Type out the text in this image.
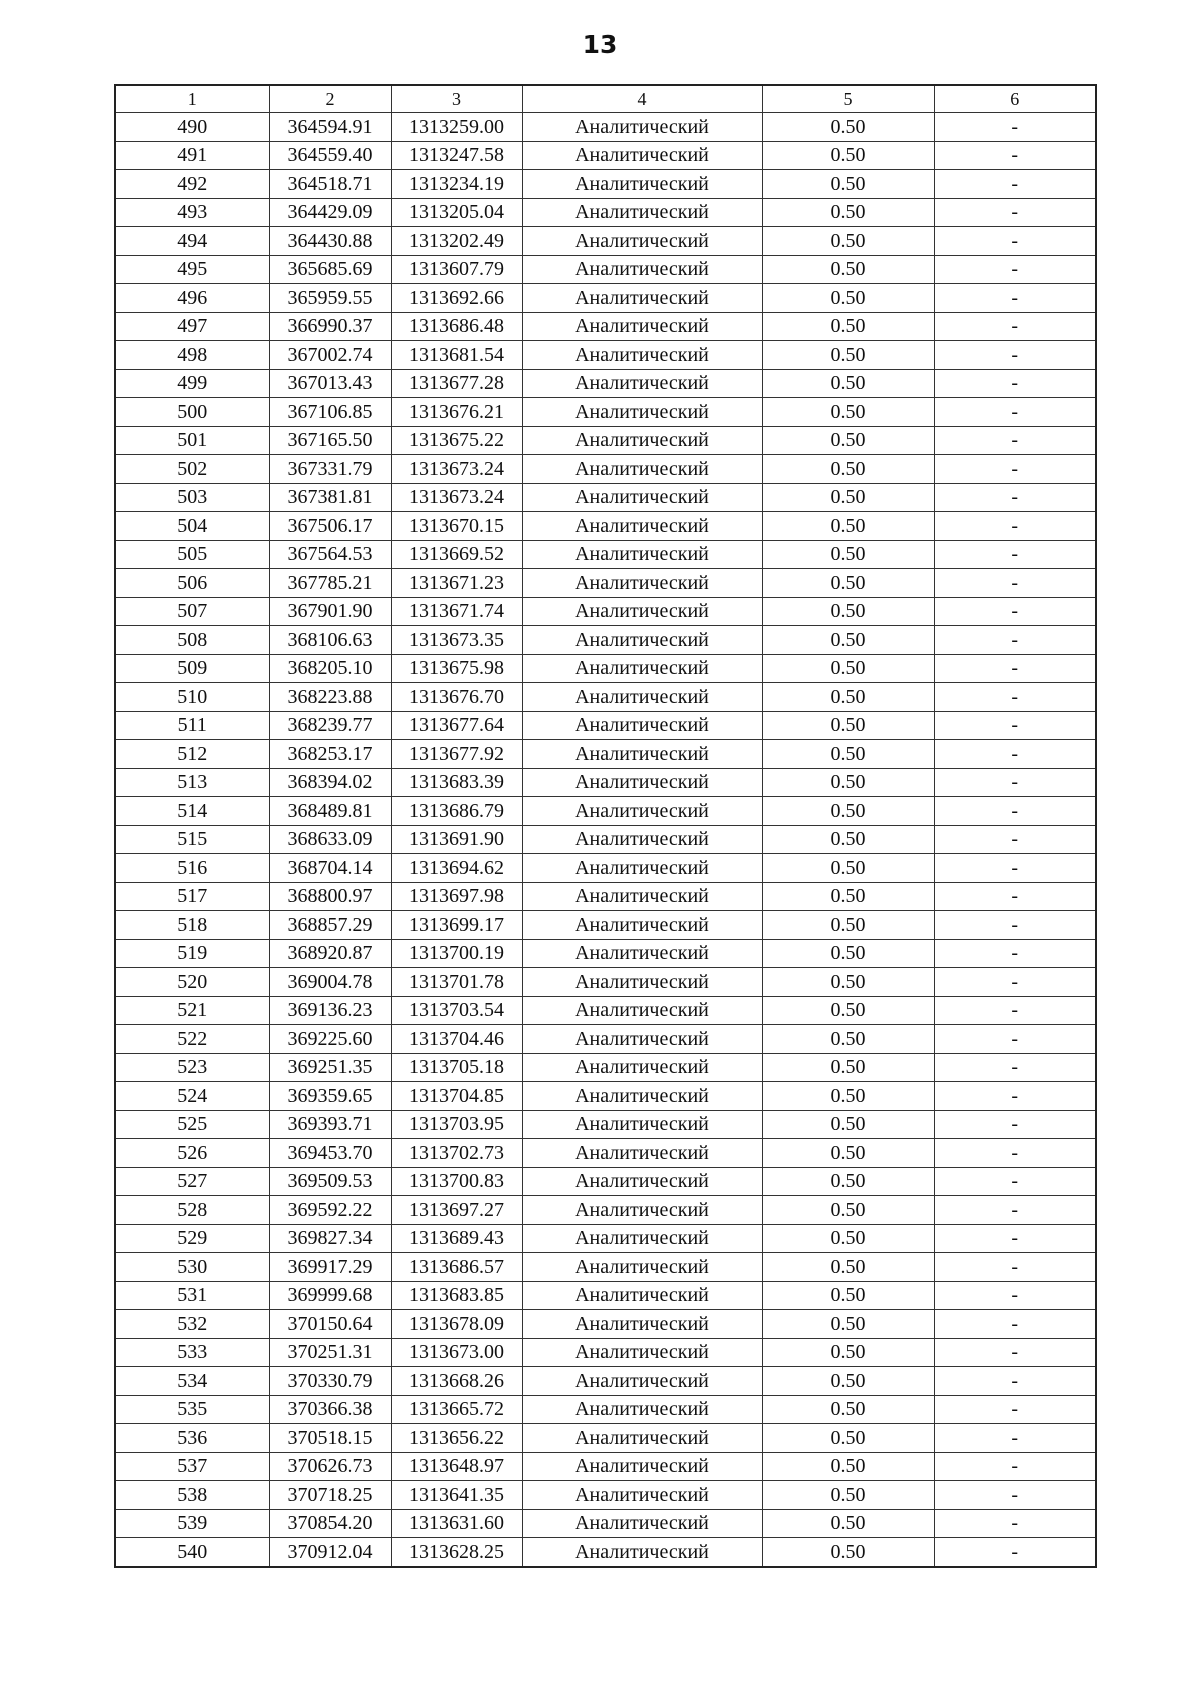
13
1	2	3	4	5	6
490	364594.91	1313259.00	Аналитический	0.50	-
491	364559.40	1313247.58	Аналитический	0.50	-
492	364518.71	1313234.19	Аналитический	0.50	-
493	364429.09	1313205.04	Аналитический	0.50	-
494	364430.88	1313202.49	Аналитический	0.50	-
495	365685.69	1313607.79	Аналитический	0.50	-
496	365959.55	1313692.66	Аналитический	0.50	-
497	366990.37	1313686.48	Аналитический	0.50	-
498	367002.74	1313681.54	Аналитический	0.50	-
499	367013.43	1313677.28	Аналитический	0.50	-
500	367106.85	1313676.21	Аналитический	0.50	-
501	367165.50	1313675.22	Аналитический	0.50	-
502	367331.79	1313673.24	Аналитический	0.50	-
503	367381.81	1313673.24	Аналитический	0.50	-
504	367506.17	1313670.15	Аналитический	0.50	-
505	367564.53	1313669.52	Аналитический	0.50	-
506	367785.21	1313671.23	Аналитический	0.50	-
507	367901.90	1313671.74	Аналитический	0.50	-
508	368106.63	1313673.35	Аналитический	0.50	-
509	368205.10	1313675.98	Аналитический	0.50	-
510	368223.88	1313676.70	Аналитический	0.50	-
511	368239.77	1313677.64	Аналитический	0.50	-
512	368253.17	1313677.92	Аналитический	0.50	-
513	368394.02	1313683.39	Аналитический	0.50	-
514	368489.81	1313686.79	Аналитический	0.50	-
515	368633.09	1313691.90	Аналитический	0.50	-
516	368704.14	1313694.62	Аналитический	0.50	-
517	368800.97	1313697.98	Аналитический	0.50	-
518	368857.29	1313699.17	Аналитический	0.50	-
519	368920.87	1313700.19	Аналитический	0.50	-
520	369004.78	1313701.78	Аналитический	0.50	-
521	369136.23	1313703.54	Аналитический	0.50	-
522	369225.60	1313704.46	Аналитический	0.50	-
523	369251.35	1313705.18	Аналитический	0.50	-
524	369359.65	1313704.85	Аналитический	0.50	-
525	369393.71	1313703.95	Аналитический	0.50	-
526	369453.70	1313702.73	Аналитический	0.50	-
527	369509.53	1313700.83	Аналитический	0.50	-
528	369592.22	1313697.27	Аналитический	0.50	-
529	369827.34	1313689.43	Аналитический	0.50	-
530	369917.29	1313686.57	Аналитический	0.50	-
531	369999.68	1313683.85	Аналитический	0.50	-
532	370150.64	1313678.09	Аналитический	0.50	-
533	370251.31	1313673.00	Аналитический	0.50	-
534	370330.79	1313668.26	Аналитический	0.50	-
535	370366.38	1313665.72	Аналитический	0.50	-
536	370518.15	1313656.22	Аналитический	0.50	-
537	370626.73	1313648.97	Аналитический	0.50	-
538	370718.25	1313641.35	Аналитический	0.50	-
539	370854.20	1313631.60	Аналитический	0.50	-
540	370912.04	1313628.25	Аналитический	0.50	-
